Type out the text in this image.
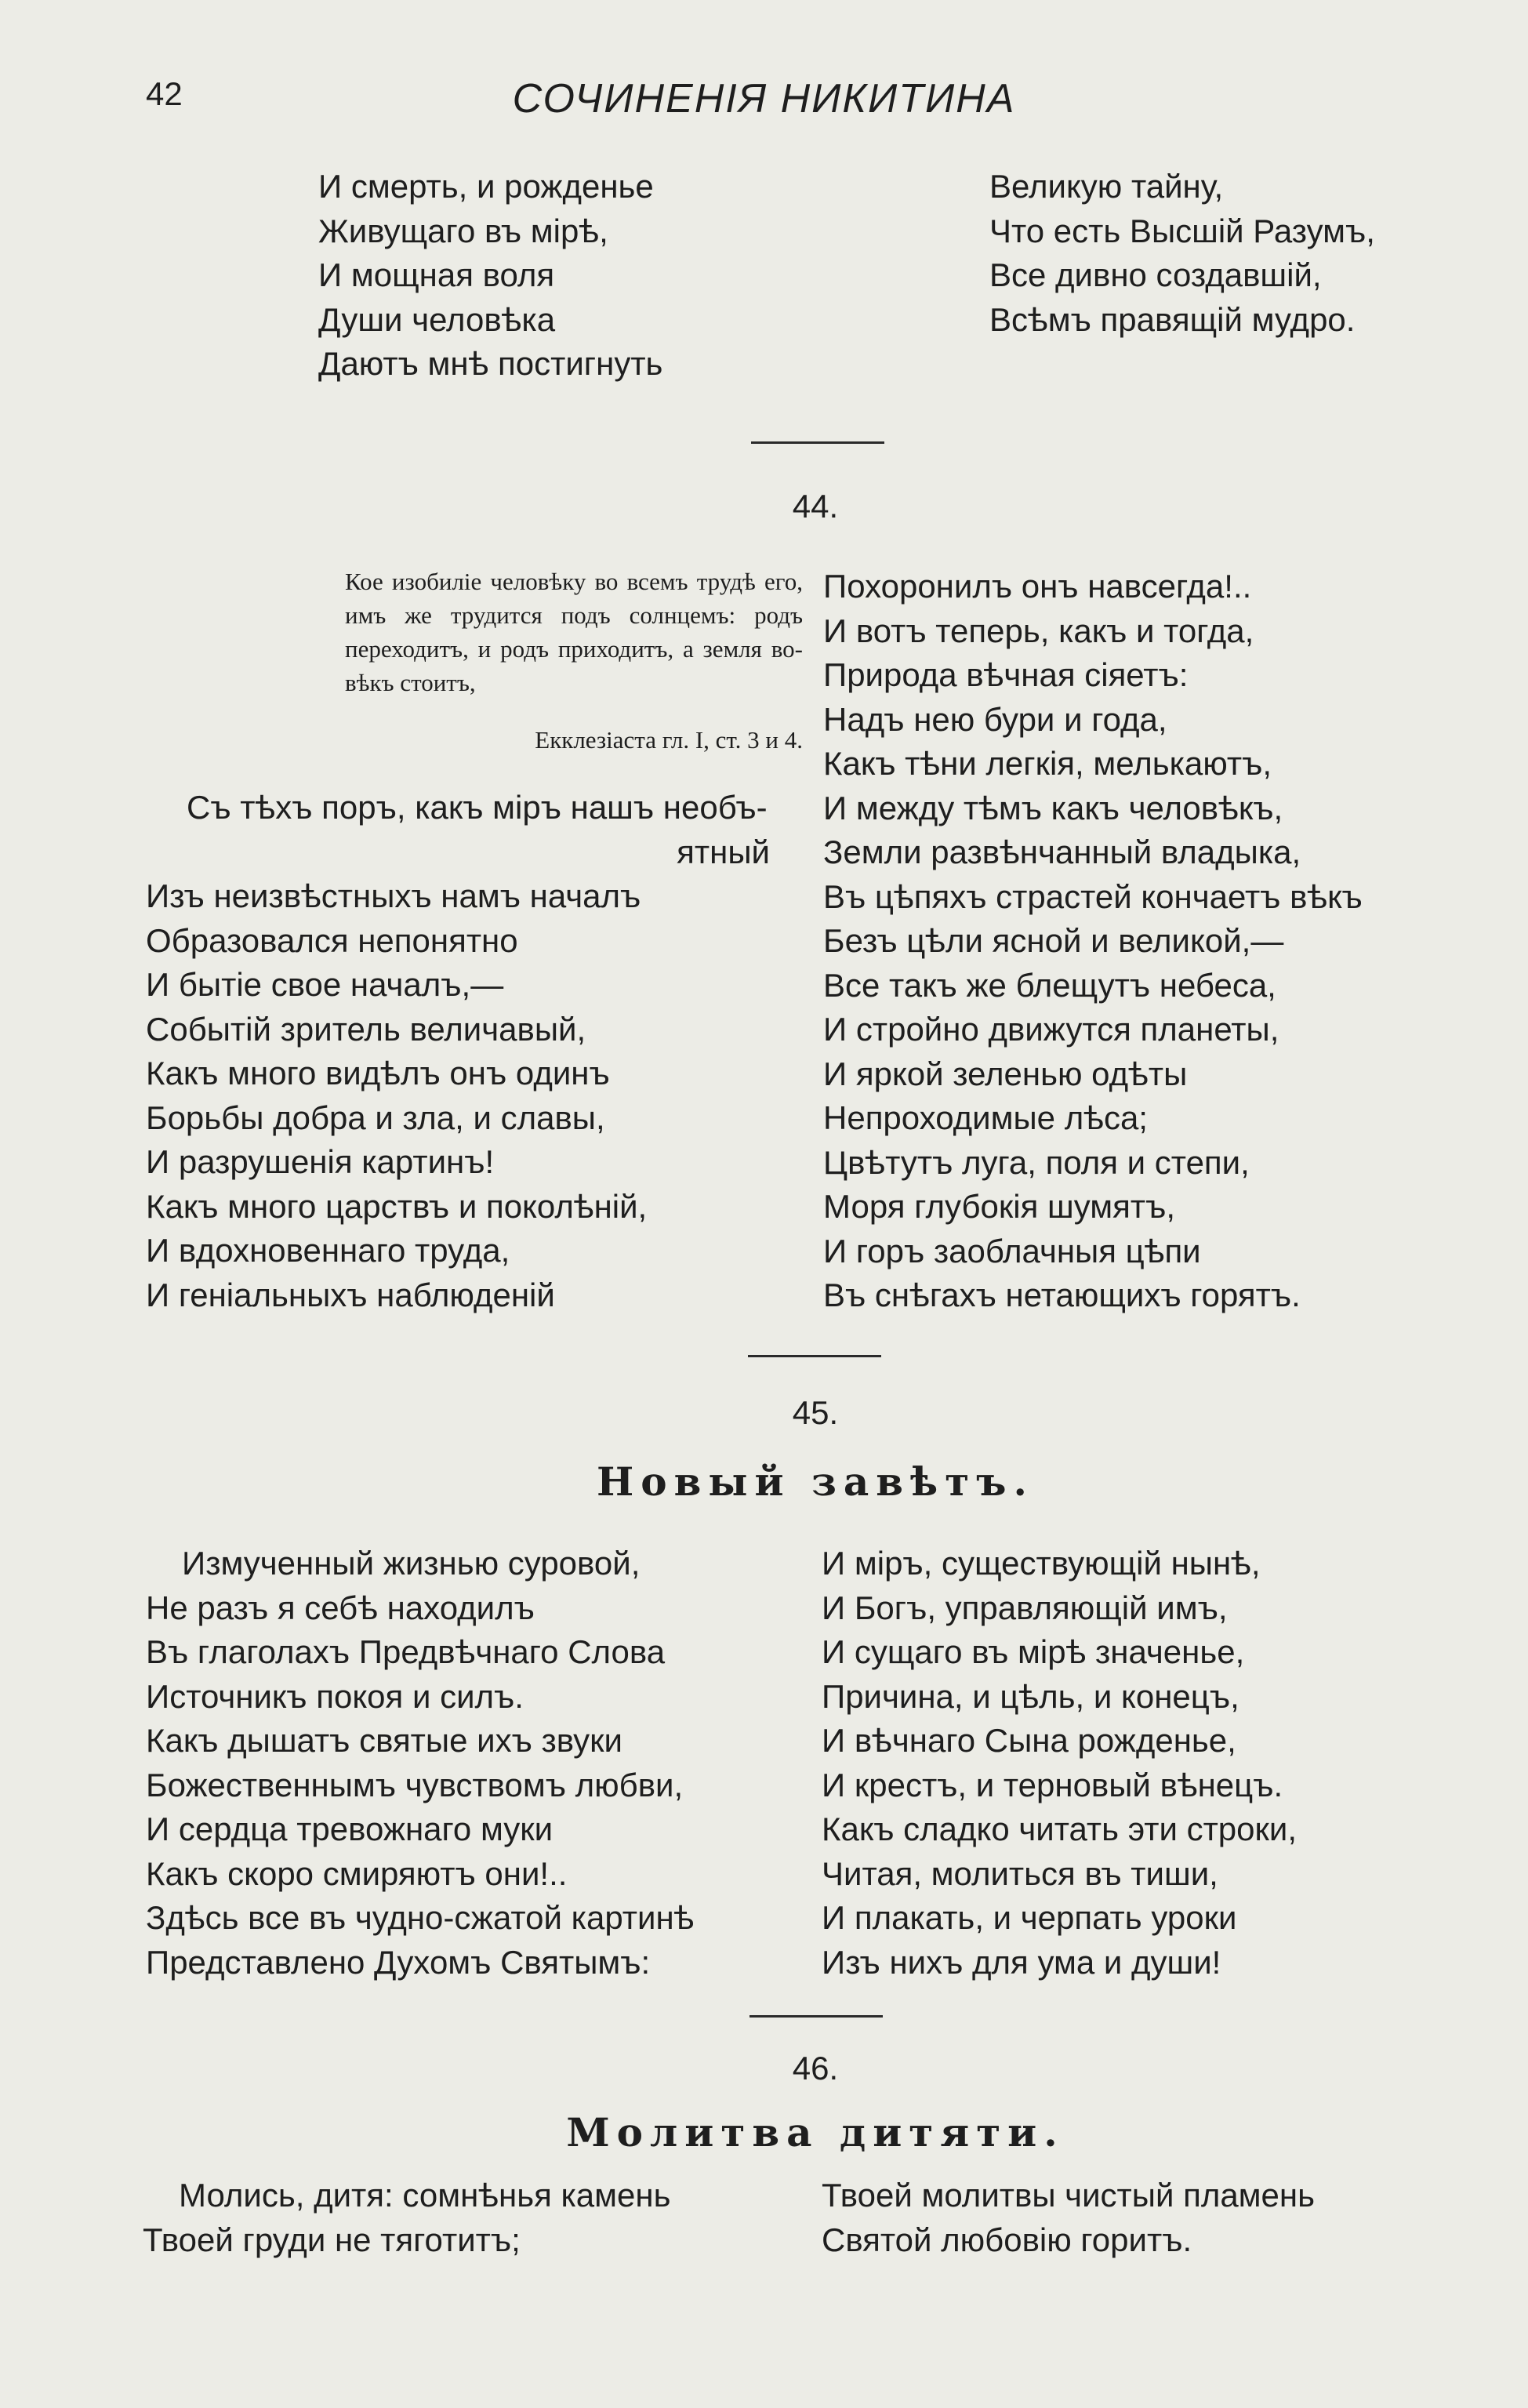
42	СОЧИНЕНІЯ НИКИТИНА
И смерть, и рожденье
Живущаго въ мірѣ,
И мощная воля
Души человѣка
Даютъ мнѣ постигнуть
Великую тайну,
Что есть Высшій Разумъ,
Все дивно создавшій,
Всѣмъ правящій мудро.
44.

Кое изобиліе человѣку во всемъ трудѣ его, имъ же трудится подъ солнцемъ: родъ переходитъ, и родъ приходитъ, а земля во-вѣкъ стоитъ,

Екклезіаста гл. I, ст. 3 и 4.
Съ тѣхъ поръ, какъ міръ нашъ необъ-
ятный
Изъ неизвѣстныхъ намъ началъ
Образовался непонятно
И бытіе свое началъ,—
Событій зритель величавый,
Какъ много видѣлъ онъ одинъ
Борьбы добра и зла, и славы,
И разрушенія картинъ!
Какъ много царствъ и поколѣній,
И вдохновеннаго труда,
И геніальныхъ наблюденій
Похоронилъ онъ навсегда!..
И вотъ теперь, какъ и тогда,
Природа вѣчная сіяетъ:
Надъ нею бури и года,
Какъ тѣни легкія, мелькаютъ,
И между тѣмъ какъ человѣкъ,
Земли развѣнчанный владыка,
Въ цѣпяхъ страстей кончаетъ вѣкъ
Безъ цѣли ясной и великой,—
Все такъ же блещутъ небеса,
И стройно движутся планеты,
И яркой зеленью одѣты
Непроходимые лѣса;
Цвѣтутъ луга, поля и степи,
Моря глубокія шумятъ,
И горъ заоблачныя цѣпи
Въ снѣгахъ нетающихъ горятъ.
45.
Новый завѣтъ.
Измученный жизнью суровой,
Не разъ я себѣ находилъ
Въ глаголахъ Предвѣчнаго Слова
Источникъ покоя и силъ.
Какъ дышатъ святые ихъ звуки
Божественнымъ чувствомъ любви,
И сердца тревожнаго муки
Какъ скоро смиряютъ они!..
Здѣсь все въ чудно-сжатой картинѣ
Представлено Духомъ Святымъ:
И міръ, существующій нынѣ,
И Богъ, управляющій имъ,
И сущаго въ мірѣ значенье,
Причина, и цѣль, и конецъ,
И вѣчнаго Сына рожденье,
И крестъ, и терновый вѣнецъ.
Какъ сладко читать эти строки,
Читая, молиться въ тиши,
И плакать, и черпать уроки
Изъ нихъ для ума и души!
46.
Молитва дитяти.
Молись, дитя: сомнѣнья камень
Твоей груди не тяготитъ;
Твоей молитвы чистый пламень
Святой любовію горитъ.
